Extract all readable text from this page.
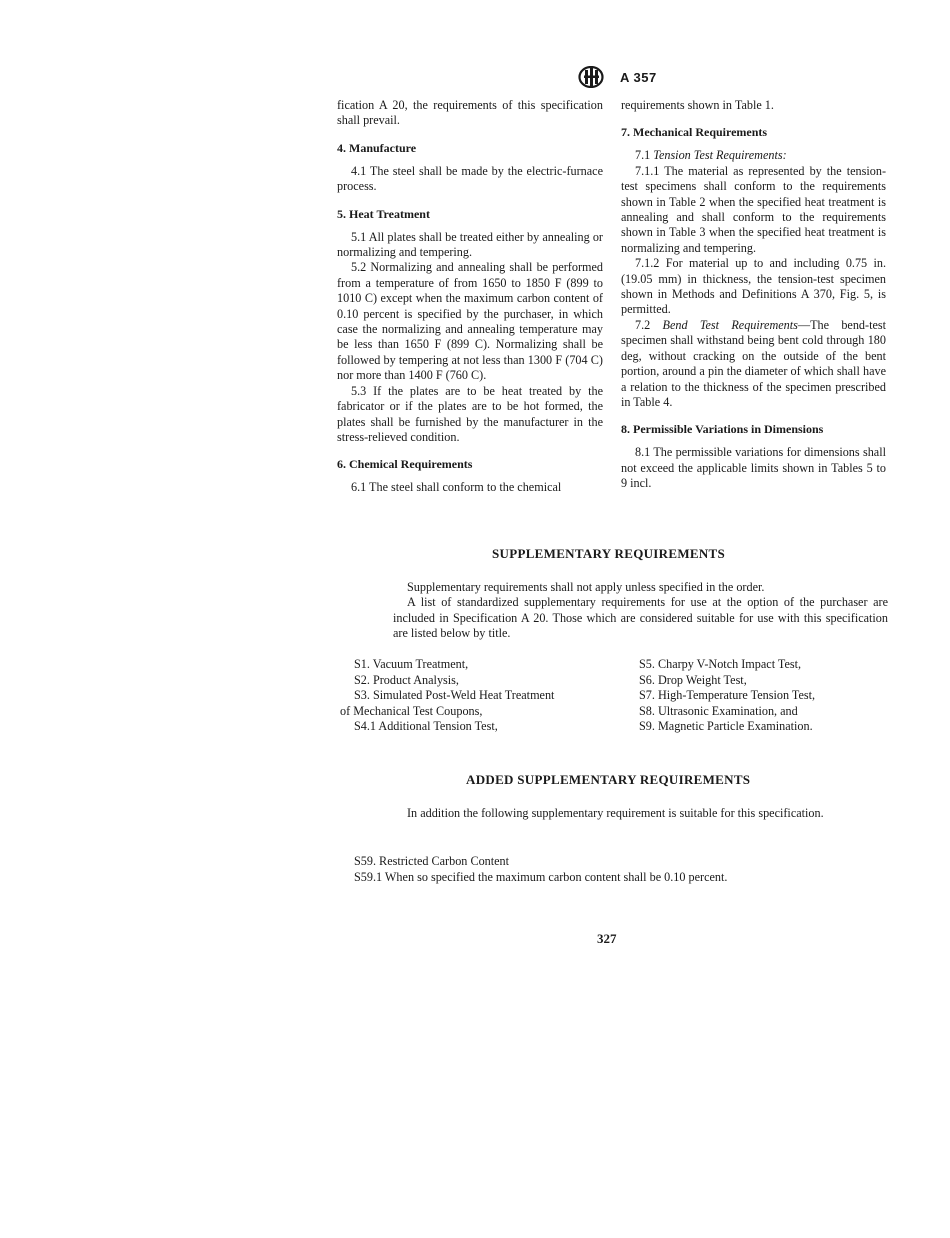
A 357

fication A 20, the requirements of this specification shall prevail.

4. Manufacture

4.1 The steel shall be made by the electric-furnace process.

5. Heat Treatment

5.1 All plates shall be treated either by annealing or normalizing and tempering.

5.2 Normalizing and annealing shall be performed from a temperature of from 1650 to 1850 F (899 to 1010 C) except when the maximum carbon content of 0.10 percent is specified by the purchaser, in which case the normalizing and annealing temperature may be less than 1650 F (899 C). Normalizing shall be followed by tempering at not less than 1300 F (704 C) nor more than 1400 F (760 C).

5.3 If the plates are to be heat treated by the fabricator or if the plates are to be hot formed, the plates shall be furnished by the manufacturer in the stress-relieved condition.

6. Chemical Requirements

6.1 The steel shall conform to the chemical

requirements shown in Table 1.

7. Mechanical Requirements

7.1 Tension Test Requirements:

7.1.1 The material as represented by the tension-test specimens shall conform to the requirements shown in Table 2 when the specified heat treatment is annealing and shall conform to the requirements shown in Table 3 when the specified heat treatment is normalizing and tempering.

7.1.2 For material up to and including 0.75 in. (19.05 mm) in thickness, the tension-test specimen shown in Methods and Definitions A 370, Fig. 5, is permitted.

7.2 Bend Test Requirements—The bend-test specimen shall withstand being bent cold through 180 deg, without cracking on the outside of the bent portion, around a pin the diameter of which shall have a relation to the thickness of the specimen prescribed in Table 4.

8. Permissible Variations in Dimensions

8.1 The permissible variations for dimensions shall not exceed the applicable limits shown in Tables 5 to 9 incl.

SUPPLEMENTARY REQUIREMENTS

Supplementary requirements shall not apply unless specified in the order.

A list of standardized supplementary requirements for use at the option of the purchaser are included in Specification A 20. Those which are considered suitable for use with this specification are listed below by title.

S1. Vacuum Treatment,
S2. Product Analysis,
S3. Simulated Post-Weld Heat Treatment
of Mechanical Test Coupons,
S4.1 Additional Tension Test,
S5. Charpy V-Notch Impact Test,
S6. Drop Weight Test,
S7. High-Temperature Tension Test,
S8. Ultrasonic Examination, and
S9. Magnetic Particle Examination.
ADDED SUPPLEMENTARY REQUIREMENTS

In addition the following supplementary requirement is suitable for this specification.

S59. Restricted Carbon Content
S59.1 When so specified the maximum carbon content shall be 0.10 percent.
327
